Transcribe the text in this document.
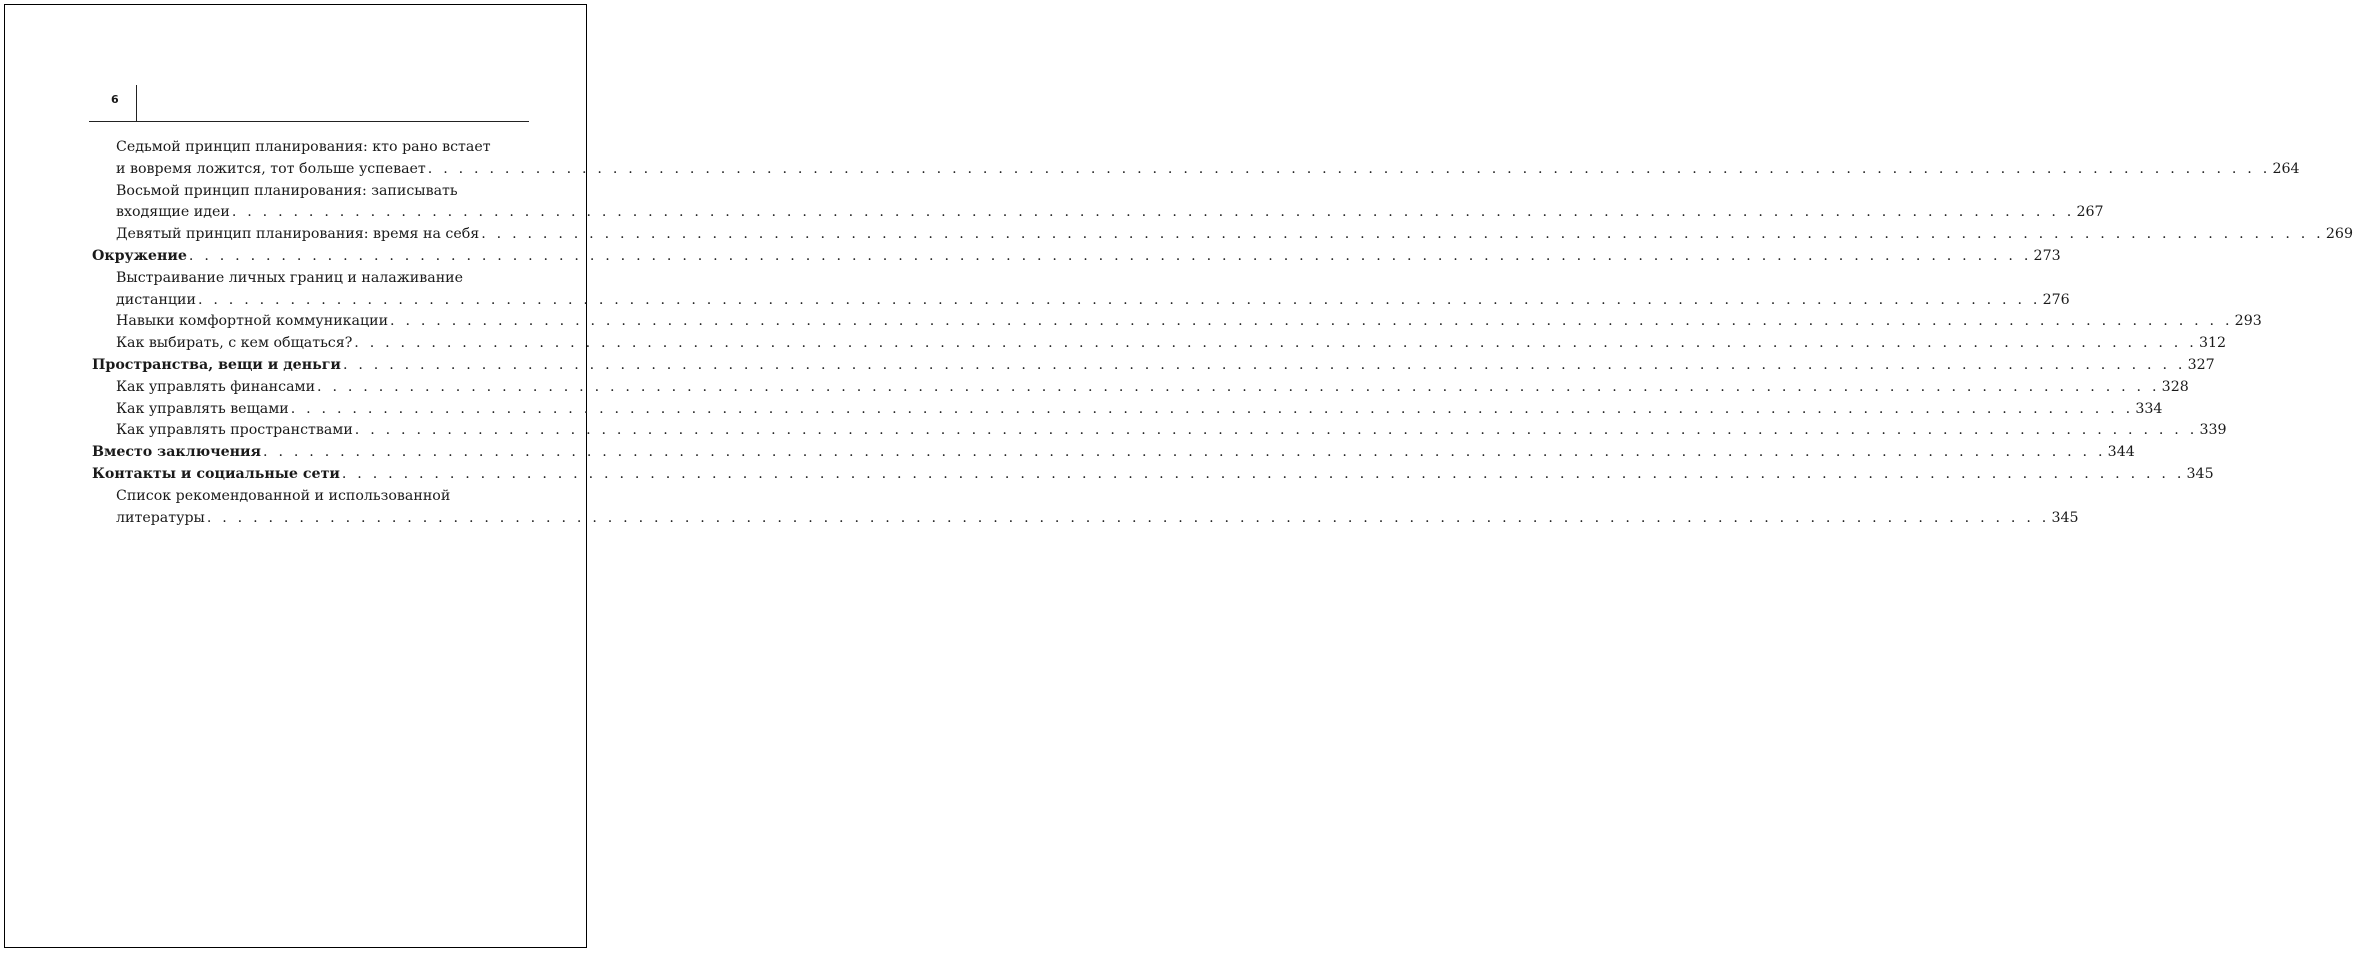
6
Седьмой принцип планирования: кто рано встает
и вовремя ложится, тот больше успевает . . . . . . . . . . . . . . . . . . . . . . . . . . . . . . . . . . . . . . . . . . . . . . . . . . . . . . . . . . . . . . . . . . . . . . . . . . . . . . . . . . . . . . . . . . . . . . . . . . . . . . . . . . . . . . . . . . . . . . . . 264
Восьмой принцип планирования: записывать
входящие идеи . . . . . . . . . . . . . . . . . . . . . . . . . . . . . . . . . . . . . . . . . . . . . . . . . . . . . . . . . . . . . . . . . . . . . . . . . . . . . . . . . . . . . . . . . . . . . . . . . . . . . . . . . . . . . . . . . . . . . . . . 267
Девятый принцип планирования: время на себя . . . . . . . . . . . . . . . . . . . . . . . . . . . . . . . . . . . . . . . . . . . . . . . . . . . . . . . . . . . . . . . . . . . . . . . . . . . . . . . . . . . . . . . . . . . . . . . . . . . . . . . . . . . . . . . . . . . . . . . . 269
Окружение . . . . . . . . . . . . . . . . . . . . . . . . . . . . . . . . . . . . . . . . . . . . . . . . . . . . . . . . . . . . . . . . . . . . . . . . . . . . . . . . . . . . . . . . . . . . . . . . . . . . . . . . . . . . . . . . . . . . . . . . 273
Выстраивание личных границ и налаживание
дистанции . . . . . . . . . . . . . . . . . . . . . . . . . . . . . . . . . . . . . . . . . . . . . . . . . . . . . . . . . . . . . . . . . . . . . . . . . . . . . . . . . . . . . . . . . . . . . . . . . . . . . . . . . . . . . . . . . . . . . . . . 276
Навыки комфортной коммуникации . . . . . . . . . . . . . . . . . . . . . . . . . . . . . . . . . . . . . . . . . . . . . . . . . . . . . . . . . . . . . . . . . . . . . . . . . . . . . . . . . . . . . . . . . . . . . . . . . . . . . . . . . . . . . . . . . . . . . . . . 293
Как выбирать, с кем общаться? . . . . . . . . . . . . . . . . . . . . . . . . . . . . . . . . . . . . . . . . . . . . . . . . . . . . . . . . . . . . . . . . . . . . . . . . . . . . . . . . . . . . . . . . . . . . . . . . . . . . . . . . . . . . . . . . . . . . . . . . 312
Пространства, вещи и деньги . . . . . . . . . . . . . . . . . . . . . . . . . . . . . . . . . . . . . . . . . . . . . . . . . . . . . . . . . . . . . . . . . . . . . . . . . . . . . . . . . . . . . . . . . . . . . . . . . . . . . . . . . . . . . . . . . . . . . . . . 327
Как управлять финансами . . . . . . . . . . . . . . . . . . . . . . . . . . . . . . . . . . . . . . . . . . . . . . . . . . . . . . . . . . . . . . . . . . . . . . . . . . . . . . . . . . . . . . . . . . . . . . . . . . . . . . . . . . . . . . . . . . . . . . . . 328
Как управлять вещами . . . . . . . . . . . . . . . . . . . . . . . . . . . . . . . . . . . . . . . . . . . . . . . . . . . . . . . . . . . . . . . . . . . . . . . . . . . . . . . . . . . . . . . . . . . . . . . . . . . . . . . . . . . . . . . . . . . . . . . . 334
Как управлять пространствами . . . . . . . . . . . . . . . . . . . . . . . . . . . . . . . . . . . . . . . . . . . . . . . . . . . . . . . . . . . . . . . . . . . . . . . . . . . . . . . . . . . . . . . . . . . . . . . . . . . . . . . . . . . . . . . . . . . . . . . . 339
Вместо заключения . . . . . . . . . . . . . . . . . . . . . . . . . . . . . . . . . . . . . . . . . . . . . . . . . . . . . . . . . . . . . . . . . . . . . . . . . . . . . . . . . . . . . . . . . . . . . . . . . . . . . . . . . . . . . . . . . . . . . . . . 344
Контакты и социальные сети . . . . . . . . . . . . . . . . . . . . . . . . . . . . . . . . . . . . . . . . . . . . . . . . . . . . . . . . . . . . . . . . . . . . . . . . . . . . . . . . . . . . . . . . . . . . . . . . . . . . . . . . . . . . . . . . . . . . . . . . 345
Список рекомендованной и использованной
литературы . . . . . . . . . . . . . . . . . . . . . . . . . . . . . . . . . . . . . . . . . . . . . . . . . . . . . . . . . . . . . . . . . . . . . . . . . . . . . . . . . . . . . . . . . . . . . . . . . . . . . . . . . . . . . . . . . . . . . . . . 345
